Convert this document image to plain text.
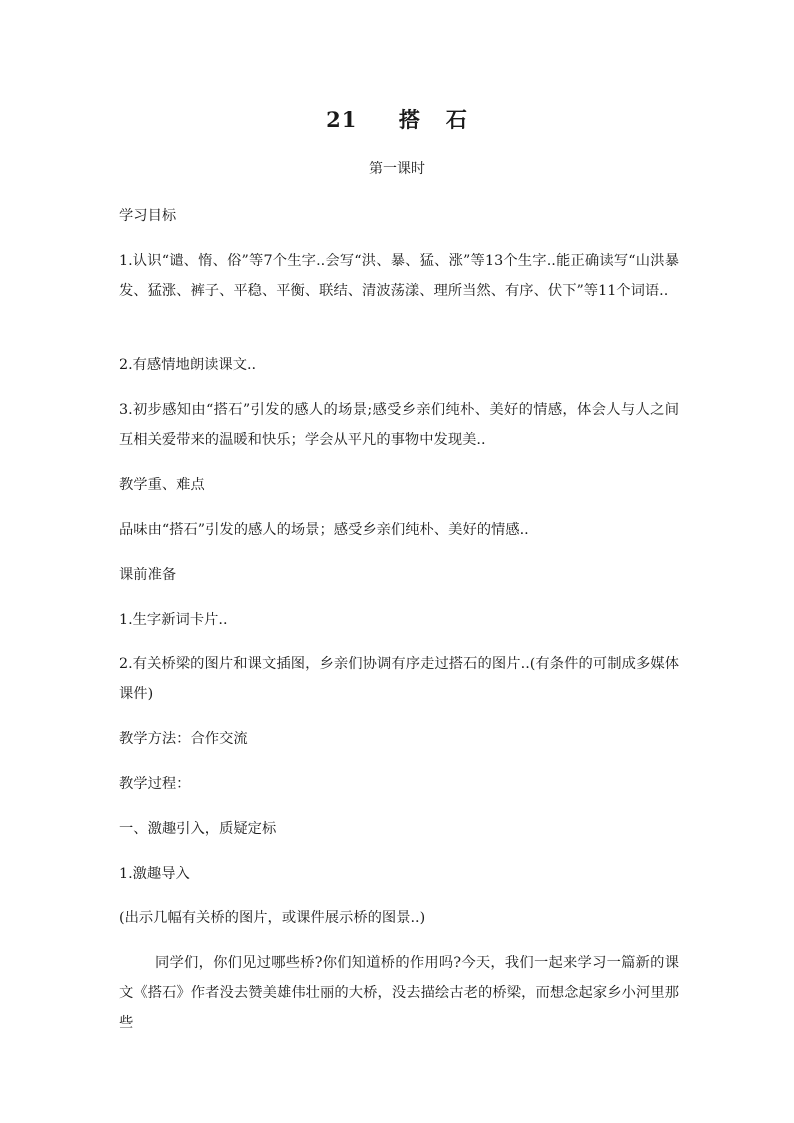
21     搭   石
第一课时

学习目标

1.认识“谴、惰、俗”等7个生字..会写“洪、暴、猛、涨”等13个生字..能正确读写“山洪暴发、猛涨、裤子、平稳、平衡、联结、清波荡漾、理所当然、有序、伏下”等11个词语..

2.有感情地朗读课文..

3.初步感知由“搭石”引发的感人的场景;感受乡亲们纯朴、美好的情感，体会人与人之间互相关爱带来的温暖和快乐；学会从平凡的事物中发现美..

教学重、难点

品味由“搭石”引发的感人的场景；感受乡亲们纯朴、美好的情感..

课前准备

1.生字新词卡片..

2.有关桥梁的图片和课文插图，乡亲们协调有序走过搭石的图片..(有条件的可制成多媒体课件)

教学方法：合作交流

教学过程：

一、激趣引入，质疑定标

1.激趣导入

(出示几幅有关桥的图片，或课件展示桥的图景..)

同学们，你们见过哪些桥?你们知道桥的作用吗?今天，我们一起来学习一篇新的课文《搭石》作者没去赞美雄伟壮丽的大桥，没去描绘古老的桥梁，而想念起家乡小河里那些
